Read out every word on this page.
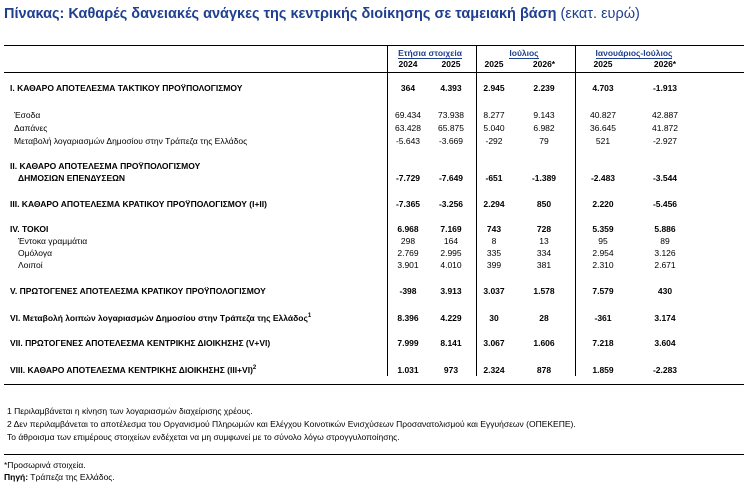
Πίνακας: Καθαρές δανειακές ανάγκες της κεντρικής διοίκησης σε ταμειακή βάση (εκατ. ευρώ)
Ετήσια στοιχεία	Ιούλιος	Ιανουάριος-Ιούλιος
2024	2025	2025	2026*	2025	2026*
I. ΚΑΘΑΡΟ ΑΠΟΤΕΛΕΣΜΑ ΤΑΚΤΙΚΟΥ ΠΡΟΫΠΟΛΟΓΙΣΜΟΥ	364	4.393	2.945	2.239	4.703	-1.913
Έσοδα	69.434	73.938	8.277	9.143	40.827	42.887
Δαπάνες	63.428	65.875	5.040	6.982	36.645	41.872
Μεταβολή λογαριασμών Δημοσίου στην Τράπεζα της Ελλάδος	-5.643	-3.669	-292	79	521	-2.927
II. ΚΑΘΑΡΟ ΑΠΟΤΕΛΕΣΜΑ ΠΡΟΫΠΟΛΟΓΙΣΜΟΥ
ΔΗΜΟΣΙΩΝ ΕΠΕΝΔΥΣΕΩΝ	-7.729	-7.649	-651	-1.389	-2.483	-3.544
III. ΚΑΘΑΡΟ ΑΠΟΤΕΛΕΣΜΑ ΚΡΑΤΙΚΟΥ ΠΡΟΫΠΟΛΟΓΙΣΜΟΥ (I+II)	-7.365	-3.256	2.294	850	2.220	-5.456
IV. ΤΟΚΟΙ	6.968	7.169	743	728	5.359	5.886
Έντοκα γραμμάτια	298	164	8	13	95	89
Ομόλογα	2.769	2.995	335	334	2.954	3.126
Λοιποί	3.901	4.010	399	381	2.310	2.671
V. ΠΡΩΤΟΓΕΝΕΣ ΑΠΟΤΕΛΕΣΜΑ ΚΡΑΤΙΚΟΥ ΠΡΟΫΠΟΛΟΓΙΣΜΟΥ	-398	3.913	3.037	1.578	7.579	430
VI. Μεταβολή λοιπών λογαριασμών Δημοσίου στην Τράπεζα της Ελλάδος$^1$	8.396	4.229	30	28	-361	3.174
VII. ΠΡΩΤΟΓΕΝΕΣ ΑΠΟΤΕΛΕΣΜΑ ΚΕΝΤΡΙΚΗΣ ΔΙΟΙΚΗΣΗΣ (V+VI)	7.999	8.141	3.067	1.606	7.218	3.604
VIII. ΚΑΘΑΡΟ ΑΠΟΤΕΛΕΣΜΑ ΚΕΝΤΡΙΚΗΣ ΔΙΟΙΚΗΣΗΣ $(III+VI)^2$	1.031	973	2.324	878	1.859	-2.283
1 Περιλαμβάνεται η κίνηση των λογαριασμών διαχείρισης χρέους.
2 Δεν περιλαμβάνεται το αποτέλεσμα του Οργανισμού Πληρωμών και Ελέγχου Κοινοτικών Ενισχύσεων Προσανατολισμού και Εγγυήσεων (ΟΠΕΚΕΠΕ).
Το άθροισμα των επιμέρους στοιχείων ενδέχεται να μη συμφωνεί με το σύνολο λόγω στρογγυλοποίησης.
*Προσωρινά στοιχεία.
Πηγή: Τράπεζα της Ελλάδος.
